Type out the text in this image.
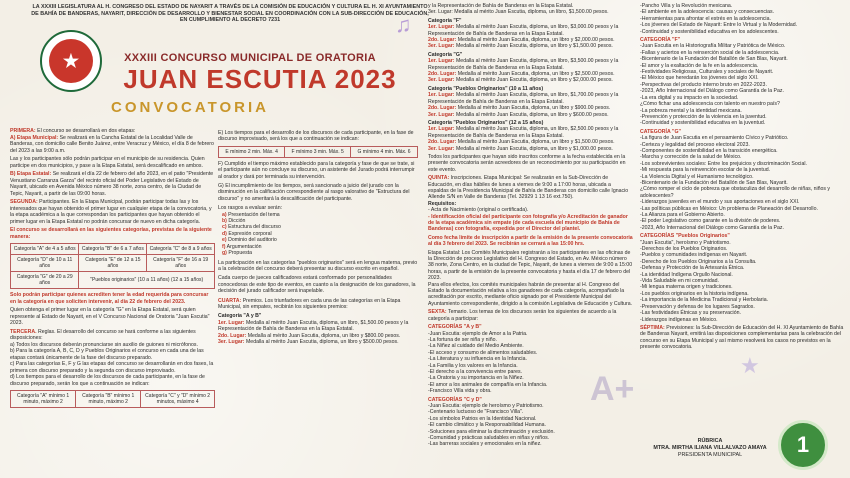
LA XXXIII LEGISLATURA AL H. CONGRESO DEL ESTADO DE NAYARIT A TRAVÉS DE LA COMISIÓN DE EDUCACIÓN Y CULTURA EL H. XI AYUNTAMIENTO DE BAHÍA DE BANDERAS, NAYARIT, DIRECCIÓN DE DESARROLLO Y BIENESTAR SOCIAL EN COORDINACIÓN CON LA SUB-DIRECCIÓN DE EDUCACIÓN, EN CUMPLIMIENTO AL DECRETO 7231
★
♫
XXXIII CONCURSO MUNICIPAL DE ORATORIA
JUAN ESCUTIA 2023
CONVOCATORIA
PRIMERA: El concurso se desarrollará en dos etapas:
A) Etapa Municipal: Se realizará en la Cancha Estatal de la Localidad Valle de Banderas, con domicilio calle Benito Juárez, entre Veracruz y México, el día 8 de febrero del 2023 a las 9:00 a.m.
Las y los participantes sólo podrán participar en el municipio de su residencia. Quien participe en dos municipios, y pase a la Etapa Estatal, será descalificado en ambos.
B) Etapa Estatal: Se realizará el día 22 de febrero del año 2023, en el patio "Presidente Venustiano Carranza Garza" del recinto oficial del Poder Legislativo del Estado de Nayarit, ubicado en Avenida México número 38 norte, zona centro, de la Ciudad de Tepic, Nayarit, a partir de las 09:00 horas.
SEGUNDA: Participantes. En la Etapa Municipal, podrán participar todas las y los interesados que hayan obtenido el primer lugar en cualquier etapa de la convocatoria, y la etapa académica a la que correspondan los participantes que hayan obtenido el primer lugar en la Etapa Estatal no podrán concursar de nuevo en dicha categoría.
El concurso se desarrollará en las siguientes categorías, previstas de la siguiente manera:
Categoría "A" de 4 a 5 años	Categoría "B" de 6 a 7 años	Categoría "C" de 8 a 9 años
Categoría "D" de 10 a 11 años	Categoría "E" de 12 a 15 años	Categoría "F" de 16 a 19 años
Categoría "G" de 20 a 29 años	"Pueblos originarios" (10 a 11 años) (12 a 15 años)	
Solo podrán participar quienes acrediten tener la edad requerida para concursar en la categoría en que soliciten intervenir, al día 22 de febrero del 2023.
Quien obtenga el primer lugar en la categoría "G" en la Etapa Estatal, será quien represente al Estado de Nayarit, en el V Concurso Nacional de Oratoria "Juan Escutia" 2023.
TERCERA. Reglas. El desarrollo del concurso se hará conforme a las siguientes disposiciones:
a) Todos los discursos deberán pronunciarse sin auxilio de guiones ni micrófonos.
b) Para la categoría A, B, C, D y Pueblos Originarios el concurso en cada una de las etapas contará únicamente de la fase del discurso preparado.
c) Para las categorías E, F y G las etapas del concurso se desarrollarán en dos fases, la primera con discurso preparado y la segunda con discurso improvisado.
d) Los tiempos para el desarrollo de los discursos de cada participante, en la fase de discurso preparado, serán los que a continuación se indican:
Categoría "A" mínimo 1 minuto, máximo 2	Categoría "B" mínimo 1 minuto, máximo 2	Categoría "C" y "D" mínimo 2 minutos, máximo 4
E) Los tiempos para el desarrollo de los discursos de cada participante, en la fase de discurso improvisado, será los que a continuación se indican:
E mínimo 2 min. Máx. 4	F mínimo 3 min. Máx. 5	G mínimo 4 min. Máx. 6
F) Cumplido el tiempo máximo establecido para la categoría y fase de que se trate, si el participante aún no concluye su discurso, un asistente del Jurado podrá interrumpir al orador y dará por terminada su intervención.
G) El incumplimiento de los tiempos, será sancionado a juicio del jurado con la disminución en la calificación correspondiente al rasgo valorativo de "Estructura del discurso" y no ameritará la descalificación del participante.
Los rasgos a evaluar serán:
a) Presentación del tema
b) Dicción
c) Estructura del discurso
d) Expresión corporal
e) Dominio del auditorio
f) Argumentación
g) Propuesta
La participación en las categorías "pueblos originarios" será en lengua materna, previo a la celebración del concurso deberá presentar su discurso escrito en español.
Cada cuerpo de jueces calificadores estará conformado por personalidades conocedoras de este tipo de eventos, en cuanto a la designación de los ganadores, la decisión del jurado calificador será inapelable.
CUARTA: Premios. Los triunfadores en cada una de las categorías en la Etapa Municipal, sin empates, recibirán los siguientes premios:
Categoría "A y B"
1er. Lugar: Medalla al mérito Juan Escutia, diploma, un libro, $1,500.00 pesos y la Representación de Bahía de Banderas en la Etapa Estatal.
2do. Lugar: Medalla al mérito Juan Escutia, diploma, un libro y $800.00 pesos.
3er. Lugar: Medalla al mérito Juan Escutia, diploma, un libro y $500.00 pesos.
y la Representación de Bahía de Banderas en la Etapa Estatal.
3er. Lugar: Medalla al mérito Juan Escutia, diploma, un libro, $1,500.00 pesos.
Categoría "F"
1er. Lugar: Medalla al mérito Juan Escutia, diploma, un libro, $3,000.00 pesos y la Representación de Bahía de Banderas en la Etapa Estatal.
2do. Lugar: Medalla al mérito Juan Escutia, diploma, un libro y $2,000.00 pesos.
3er. Lugar: Medalla al mérito Juan Escutia, diploma, un libro y $1,500.00 pesos.
Categoría "G"
1er. Lugar: Medalla al mérito Juan Escutia, diploma, un libro, $3,500.00 pesos y la Representación de Bahía de Banderas en la Etapa Estatal.
2do. Lugar: Medalla al mérito Juan Escutia, diploma, un libro y $2,500.00 pesos.
3er. Lugar: Medalla al mérito Juan Escutia, diploma, un libro y $2,000.00 pesos.
Categoría "Pueblos Originarios" (10 a 11 años)
1er. Lugar: Medalla al mérito Juan Escutia, diploma, un libro, $1,700.00 pesos y la Representación de Bahía de Banderas en la Etapa Estatal.
2do. Lugar: Medalla al mérito Juan Escutia, diploma, un libro y $900.00 pesos.
3er. Lugar: Medalla al mérito Juan Escutia, diploma, un libro y $600.00 pesos.
Categoría "Pueblos Originarios" (12 a 15 años)
1er. Lugar: Medalla al mérito Juan Escutia, diploma, un libro, $2,500.00 pesos y la Representación de Bahía de Banderas en la Etapa Estatal.
2do. Lugar: Medalla al mérito Juan Escutia, diploma, un libro y $1,500.00 pesos.
3er. Lugar: Medalla al mérito Juan Escutia, diploma, un libro y $1,000.00 pesos.
Todos los participantes que hayan sido inscritos conforme a la fecha establecida en la presente convocatoria serán acreedores de un reconocimiento por su participación en este evento.
QUINTA: Inscripciones. Etapa Municipal: Se realizarán en la Sub-Dirección de Educación, en días hábiles de lunes a viernes de 9:00 a 17:00 horas, ubicada a espaldas de la Presidencia Municipal de Bahía de Banderas con domicilio calle Ignacio Allende S/N en Valle de Banderas (Tel. 32929 1 13 16 ext.750).
Requisitos:
- Acta de Nacimiento (original o certificada).
- Identificación oficial del participante con fotografía y/o Acreditación de ganador de la etapa académica sin empate (de cada escuela del municipio de Bahía de Banderas) con fotografía, expedida por el Director del plantel.
Como fecha límite de inscripción a partir de la emisión de la presente convocatoria al día 3 febrero del 2023. Se recibirán se cerrará a las 15:00 hrs.
Etapa Estatal: Los Comités Municipales registrarán a los participantes en las oficinas de la Dirección de proceso Legislativo del H. Congreso del Estado, en Av. México número 38 norte, Zona Centro, en la ciudad de Tepic, Nayarit, de lunes a viernes de 9:00 a 15:00 horas, a partir de la emisión de la presente convocatoria y hasta el día 17 de febrero del 2023.
Para ellos efectos, los comités municipales habrán de presentar al H. Congreso del Estado la documentación relativa a los ganadores de cada categoría, acompañado la acreditación por escrito, mediante oficio signado por el Presidente Municipal del Ayuntamiento correspondiente, dirigido a la comisión Legislativa de Educación y Cultura.
SEXTA: Temario. Los temas de los discursos serán los siguientes de acuerdo a la categoría a participar:
CATEGORÍAS "A y B"
-Juan Escutia: ejemplo de Amor a la Patria.
-La fortuna de ser niña y niño.
-La Niñez al cuidado del Medio Ambiente.
-El acceso y consumo de alimentos saludables.
-La Literatura y su influencia en la Infancia.
-La Familia y los valores en la Infancia.
-El derecho a la convivencia entre pares.
-La Oratoria y su importancia en la Niñez.
-El amor a los animales de compañía en la Infancia.
-Francisco Villa vida y obra.
CATEGORÍAS "C y D"
-Juan Escutia: ejemplo de heroísmo y Patriotismo.
-Centenario luctuoso de "Francisco Villa".
-Los símbolos Patrios en la Identidad Nacional.
-El cambio climático y la Responsabilidad Humana.
-Soluciones para eliminar la discriminación y exclusión.
-Comunidad y prácticas saludables en niñas y niños.
-Las barreras sociales y emocionales en la niñez.
-Pancho Villa y la Revolución mexicana.
-El ambiente en la adolescencia: causas y consecuencias.
-Herramientas para afrontar el estrés en la adolescencia.
-Los jóvenes del Estado de Nayarit: Entre lo Virtual y la Modernidad.
-Continuidad y sostenibilidad educativa en los adolescentes.
CATEGORÍA "F"
-Juan Escutia en la Historiografía Militar y Patriótica de México.
-Fallas y aciertos en la reinserción social de la adolescencia.
-Bicentenario de la Fundación del Batallón de San Blas, Nayarit.
-El amor y la exaltación de la fe en la adolescencia.
-Festividades Religiosas, Culturales y sociales de Nayarit.
-El México que heredarán los jóvenes del siglo XXI.
-Perspectivas del producto interno bruto en 2022-2023.
-2023, Año Internacional del Diálogo como Garantía de la Paz.
-La era digital y su impacto en la sociedad.
¿Cómo fichar una adolescencia con talento en nuestro país?
-La pobreza mental y la identidad mexicana.
-Prevención y protección de la violencia en la juventud.
-Continuidad y sostenibilidad educativa en la juventud.
CATEGORÍA "G"
-La figura de Juan Escutia en el pensamiento Cívico y Patriótico.
-Certeza y legalidad del proceso electoral 2023.
-Componentes de sostenibilidad en la transición energética.
-Marcha y corrección de la salud de México.
-Los sobrevivientes sociales: Entre los prejuicios y discriminación Social.
-Mi respuesta para la reinvención escolar de la juventud.
-La Violencia Digital y el Humanismo tecnológico.
-Bicentenario de la Fundación del Batallón de San Blas, Nayarit.
¿Cómo romper el ciclo de pobreza que obstaculiza del desarrollo de niñas, niños y adolescentes?
-Liderazgos juveniles en el mundo y sus aportaciones en el siglo XXI.
-Las políticas públicas en México: Un problema de Planeación del Desarrollo.
-La Alianza para el Gobierno Abierto.
-El poder Legislativo como garante en la división de poderes.
-2023, Año Internacional del Diálogo como Garantía de la Paz.
CATEGORÍAS "Pueblos Originarios"
"Juan Escutia", heroísmo y Patriotismo.
-Derechos de los Pueblos Originarios.
-Pueblos y comunidades indígenas en Nayarit.
-Derecho de los Pueblos Originarios a la Consulta.
-Defensa y Protección de la Artesanía Étnica.
-La identidad Indígena Orgullo Nacional.
-Vida Saludable en mi comunidad.
-Mi lengua materna origen y tradiciones.
-Los pueblos originarios en la historia indígena.
-La importancia de la Medicina Tradicional y Herbolaria.
-Preservación y defensa de los lugares Sagrados.
-Las festividades Étnicas y su preservación.
-Liderazgos indígenas en México.
SÉPTIMA: Previsiones: la Sub-Dirección de Educación del H. XI Ayuntamiento de Bahía de Banderas Nayarit, emitirá las disposiciones complementarias para la celebración del concurso en su Etapa Municipal y así mismo resolverá los casos no previstos en la presente convocatoria.
A+
★
RÚBRICA
MTRA. MIRTHA ILIANA VILLALVAZO AMAYA
PRESIDENTA MUNICIPAL	1
